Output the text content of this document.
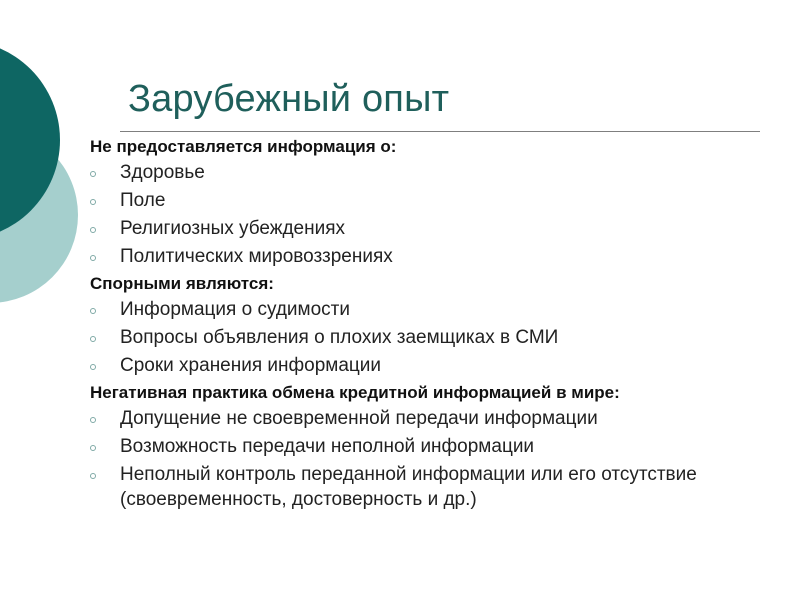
Зарубежный опыт
Не предоставляется информация о:
Здоровье
Поле
Религиозных убеждениях
Политических мировоззрениях
Спорными являются:
Информация о судимости
Вопросы объявления о плохих заемщиках в СМИ
Сроки хранения информации
Негативная практика обмена кредитной информацией в мире:
Допущение не своевременной передачи информации
Возможность передачи неполной информации
Неполный контроль переданной информации или его отсутствие (своевременность, достоверность и др.)
